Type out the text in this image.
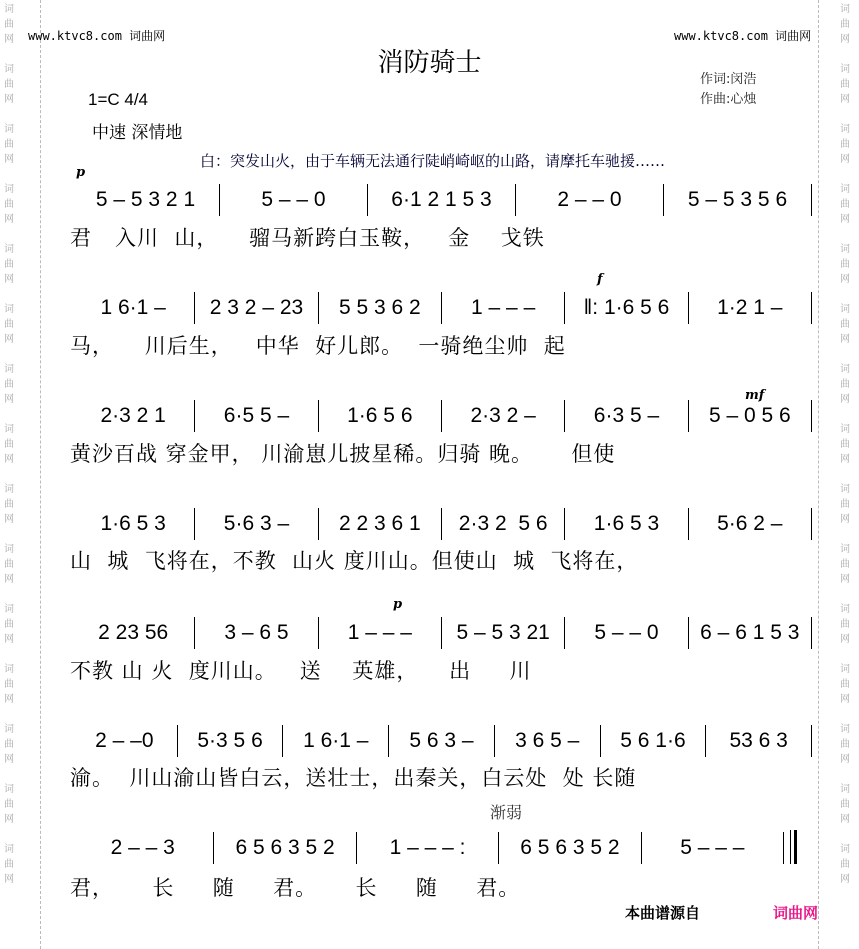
词
曲
网

词
曲
网

词
曲
网

词
曲
网

词
曲
网

词
曲
网

词
曲
网

词
曲
网

词
曲
网

词
曲
网

词
曲
网

词
曲
网

词
曲
网

词
曲
网

词
曲
网

词
曲
网

词
曲
网

词
曲
网

词
曲
网

词
曲
网

词
曲
网

词
曲
网

词
曲
网

词
曲
网

词
曲
网

词
曲
网

词
曲
网

词
曲
网

词
曲
网

词
曲
网

www.ktvc8.com 词曲网	www.ktvc8.com 词曲网
消防骑士
作词:闵浩
作曲:心烛
1=C 4/4
中速 深情地
白：突发山火，由于车辆无法通行陡峭崎岖的山路，请摩托车驰援……
p
f
mf
p
渐弱
5 – 5 3 2 1	5 – – 0	6·1 2 1 5 3	2 – – 0	5 – 5 3 5 6
君   入川  山，    骝马新跨白玉鞍，   金    戈铁
1 6·1 –	2 3 2 – 23	5 5 3 6 2	1 – – –	‖: 1·6 5 6	1·2 1 –
马，    川后生，   中华  好儿郎。  一骑绝尘帅  起
2·3 2 1	6·5 5 –	1·6 5 6	2·3 2 –	6·3 5 –	5 – 0 5 6
黄沙百战 穿金甲， 川渝崽儿披星稀。归骑 晚。     但使
1·6 5 3	5·6 3 –	2 2 3 6 1	2·3 2  5 6	1·6 5 3	5·6 2 –
山  城  飞将在，不教  山火 度川山。但使山  城  飞将在，
2 23 56	3 – 6 5	1 – – –	5 – 5 3 21	5 – – 0	6 – 6 1 5 3
不教 山 火  度川山。   送    英雄，    出     川
2 – –0	5·3 5 6	1 6·1 –	5 6 3 –	3 6 5 –	5 6 1·6	53 6 3
渝。  川山渝山皆白云，送壮士，出秦关，白云处  处 长随
2 – – 3	6 5 6 3 5 2	1 – – – :	6 5 6 3 5 2	5 – – –
君，     长     随     君。     长     随     君。
本曲谱源自	词曲网
